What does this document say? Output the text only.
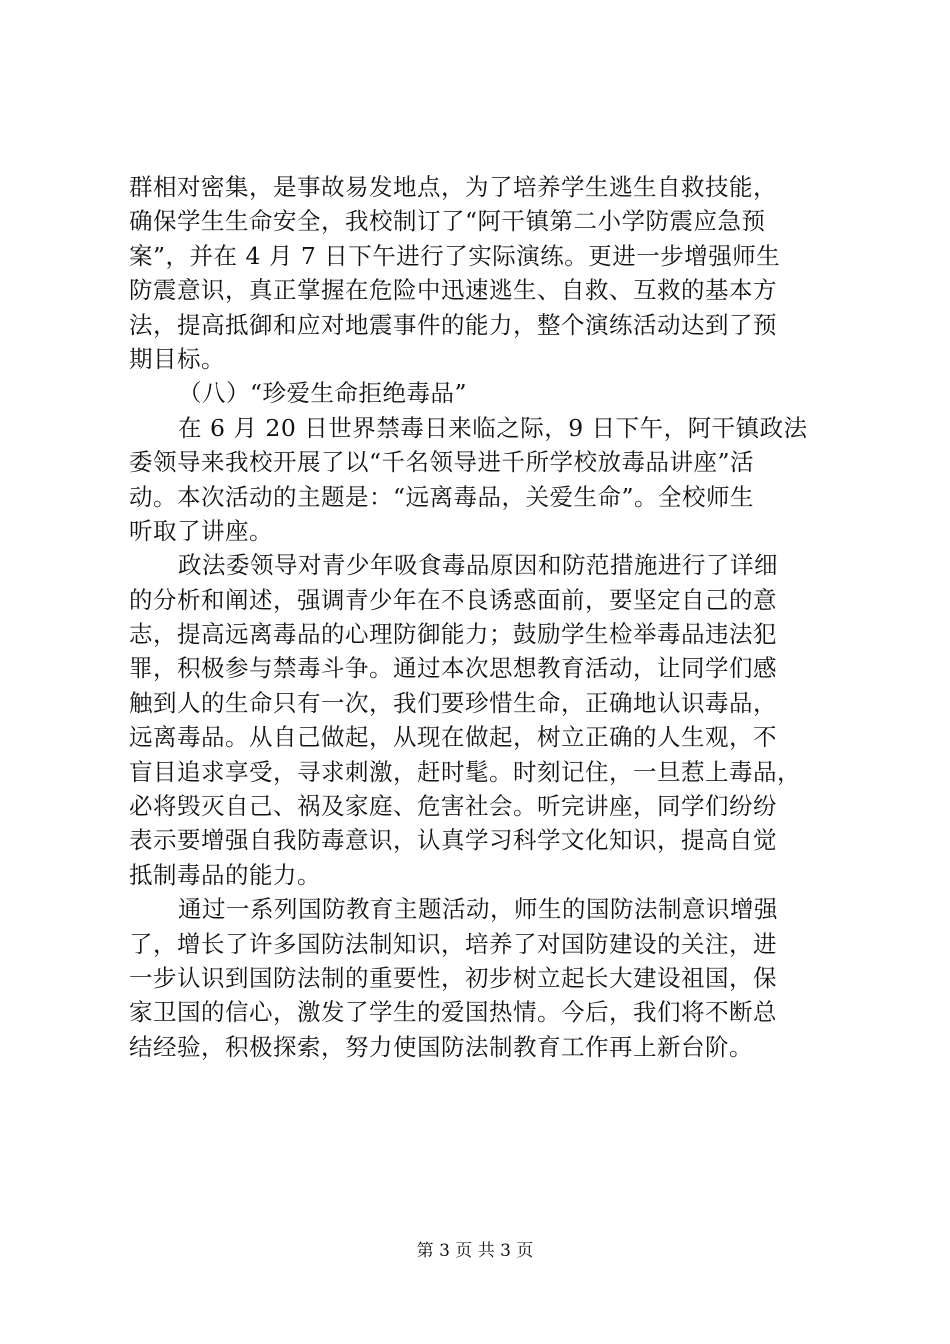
群相对密集，是事故易发地点，为了培养学生逃生自救技能，
确保学生生命安全，我校制订了“阿干镇第二小学防震应急预
案”，并在 4 月 7 日下午进行了实际演练。更进一步增强师生
防震意识，真正掌握在危险中迅速逃生、自救、互救的基本方
法，提高抵御和应对地震事件的能力，整个演练活动达到了预
期目标。
（八）“珍爱生命拒绝毒品”
在 6 月 20 日世界禁毒日来临之际，9 日下午，阿干镇政法
委领导来我校开展了以“千名领导进千所学校放毒品讲座”活
动。本次活动的主题是：“远离毒品，关爱生命”。全校师生
听取了讲座。
政法委领导对青少年吸食毒品原因和防范措施进行了详细
的分析和阐述，强调青少年在不良诱惑面前，要坚定自己的意
志，提高远离毒品的心理防御能力；鼓励学生检举毒品违法犯
罪，积极参与禁毒斗争。通过本次思想教育活动，让同学们感
触到人的生命只有一次，我们要珍惜生命，正确地认识毒品，
远离毒品。从自己做起，从现在做起，树立正确的人生观，不
盲目追求享受，寻求刺激，赶时髦。时刻记住，一旦惹上毒品，
必将毁灭自己、祸及家庭、危害社会。听完讲座，同学们纷纷
表示要增强自我防毒意识，认真学习科学文化知识，提高自觉
抵制毒品的能力。
通过一系列国防教育主题活动，师生的国防法制意识增强
了，增长了许多国防法制知识，培养了对国防建设的关注，进
一步认识到国防法制的重要性，初步树立起长大建设祖国，保
家卫国的信心，激发了学生的爱国热情。今后，我们将不断总
结经验，积极探索，努力使国防法制教育工作再上新台阶。
第 3 页 共 3 页
